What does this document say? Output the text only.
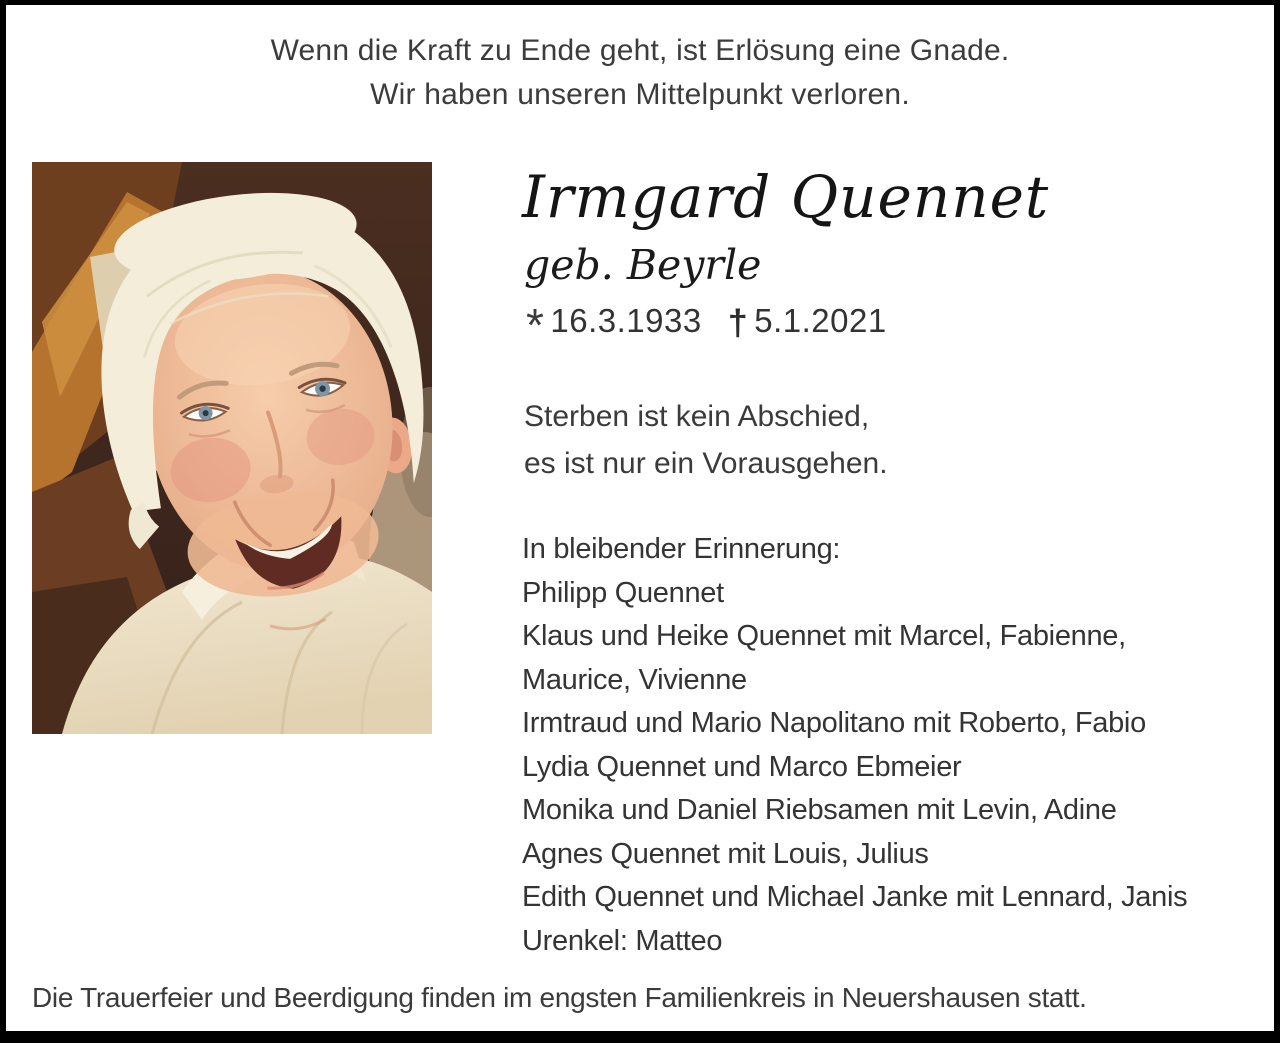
Wenn die Kraft zu Ende geht, ist Erlösung eine Gnade.
Wir haben unseren Mittelpunkt verloren.
Irmgard Quennet
geb. Beyrle
* 16.3.1933 † 5.1.2021
Sterben ist kein Abschied,
es ist nur ein Vorausgehen.
In bleibender Erinnerung:
Philipp Quennet
Klaus und Heike Quennet mit Marcel, Fabienne,
Maurice, Vivienne
Irmtraud und Mario Napolitano mit Roberto, Fabio
Lydia Quennet und Marco Ebmeier
Monika und Daniel Riebsamen mit Levin, Adine
Agnes Quennet mit Louis, Julius
Edith Quennet und Michael Janke mit Lennard, Janis
Urenkel: Matteo
Die Trauerfeier und Beerdigung finden im engsten Familienkreis in Neuershausen statt.
